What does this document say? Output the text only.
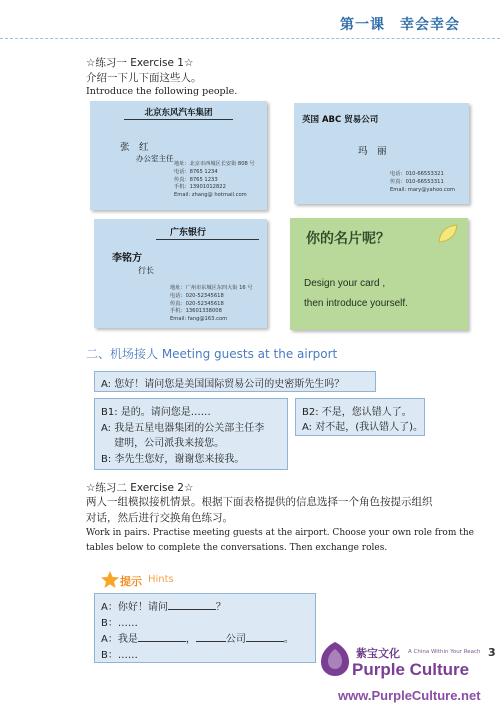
第一课　幸会幸会
☆练习一 Exercise 1☆
介绍一下儿下面这些人。
Introduce the following people.
北京东风汽车集团
张　红
办公室主任
地址：北京市西城区长安街 808 号
电话：8765 1234
传真：8765 1233
手机：13901012822
Email: zhang@ hotmail.com
英国 ABC 贸易公司
玛　丽
电话：010-66553321
传真：010-66553311
Email: mary@yahoo.com
广东银行
李铭方
行长
地址：广州市东城区东四大街 16 号
电话：020-52345618
传真：020-52345618
手机：13601338008
Email: fang@163.com
你的名片呢？
Design your card ,
then introduce yourself.
二、机场接人 Meeting guests at the airport
A: 您好！请问您是美国国际贸易公司的史密斯先生吗？
B1: 是的。请问您是……
A: 我是五星电器集团的公关部主任李
　 建明，公司派我来接您。
B: 李先生您好，谢谢您来接我。
B2: 不是，您认错人了。
A: 对不起，(我认错人了)。
☆练习二 Exercise 2☆
两人一组模拟接机情景。根据下面表格提供的信息选择一个角色按提示组织
对话，然后进行交换角色练习。
Work in pairs. Practise meeting guests at the airport. Choose your own role from the
tables below to complete the conversations. Then exchange roles.
提示 Hints
A：你好！请问	？
B：……
A：我是	，	公司	。
B：……	紫宝文化 A China Within Your Reach
Purple Culture
www.PurpleCulture.net
3
